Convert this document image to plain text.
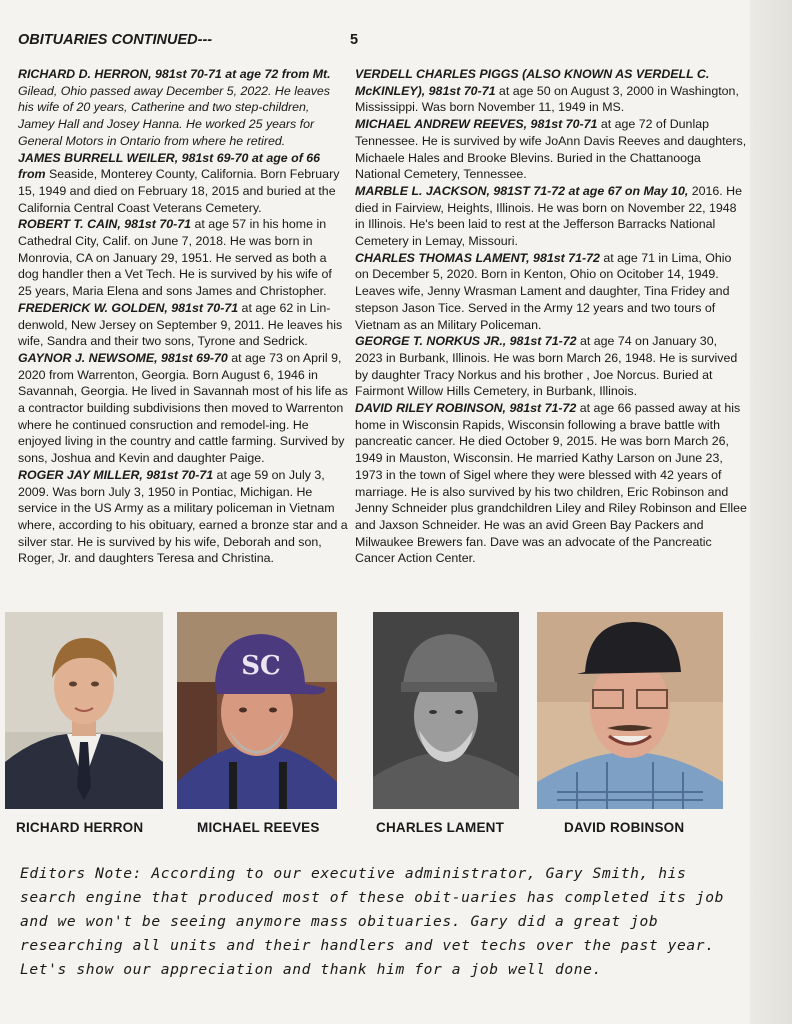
OBITUARIES CONTINUED---	5

RICHARD D. HERRON, 981st 70-71 at age 72 from Mt. Gilead, Ohio passed away December 5, 2022. He leaves his wife of 20 years, Catherine and two step-children, Jamey Hall and Josey Hanna. He worked 25 years for General Motors in Ontario from where he retired.

JAMES BURRELL WEILER, 981st 69-70 at age of 66 from Seaside, Monterey County, California. Born February 15, 1949 and died on February 18, 2015 and buried at the California Central Coast Veterans Cemetery.

ROBERT T. CAIN, 981st 70-71 at age 57 in his home in Cathedral City, Calif. on June 7, 2018. He was born in Monrovia, CA on January 29, 1951. He served as both a dog handler then a Vet Tech. He is survived by his wife of 25 years, Maria Elena and sons James and Christopher.

FREDERICK W. GOLDEN, 981st 70-71 at age 62 in Lin-denwold, New Jersey on September 9, 2011. He leaves his wife, Sandra and their two sons, Tyrone and Sedrick.

GAYNOR J. NEWSOME, 981st 69-70 at age 73 on April 9, 2020 from Warrenton, Georgia. Born August 6, 1946 in Savannah, Georgia. He lived in Savannah most of his life as a contractor building subdivisions then moved to Warrenton where he continued consruction and remodel-ing. He enjoyed living in the country and cattle farming. Survived by sons, Joshua and Kevin and daughter Paige.

ROGER JAY MILLER, 981st 70-71 at age 59 on July 3, 2009. Was born July 3, 1950 in Pontiac, Michigan. He service in the US Army as a military policeman in Vietnam where, according to his obituary, earned a bronze star and a silver star. He is survived by his wife, Deborah and son, Roger, Jr. and daughters Teresa and Christina.

VERDELL CHARLES PIGGS (ALSO KNOWN AS VERDELL C. McKINLEY), 981st 70-71 at age 50 on August 3, 2000 in Washington, Mississippi. Was born November 11, 1949 in MS.

MICHAEL ANDREW REEVES, 981st 70-71 at age 72 of Dunlap Tennessee. He is survived by wife JoAnn Davis Reeves and daughters, Michaele Hales and Brooke Blevins. Buried in the Chattanooga National Cemetery, Tennessee.

MARBLE L. JACKSON, 981ST 71-72 at age 67 on May 10, 2016. He died in Fairview, Heights, Illinois. He was born on November 22, 1948 in Illinois. He's been laid to rest at the Jefferson Barracks National Cemetery in Lemay, Missouri.

CHARLES THOMAS LAMENT, 981st 71-72 at age 71 in Lima, Ohio on December 5, 2020. Born in Kenton, Ohio on Ocitober 14, 1949. Leaves wife, Jenny Wrasman Lament and daughter, Tina Fridey and stepson Jason Tice. Served in the Army 12 years and two tours of Vietnam as an Military Policeman.

GEORGE T. NORKUS JR., 981st 71-72 at age 74 on January 30, 2023 in Burbank, Illinois. He was born March 26, 1948. He is survived by daughter Tracy Norkus and his brother , Joe Norcus. Buried at Fairmont Willow Hills Cemetery, in Burbank, Illinois.

DAVID RILEY ROBINSON, 981st 71-72 at age 66 passed away at his home in Wisconsin Rapids, Wisconsin following a brave battle with pancreatic cancer. He died October 9, 2015. He was born March 26, 1949 in Mauston, Wisconsin. He married Kathy Larson on June 23, 1973 in the town of Sigel where they were blessed with 42 years of marriage. He is also survived by his two children, Eric Robinson and Jenny Schneider plus grandchildren Liley and Riley Robinson and Ellee and Jaxson Schneider. He was an avid Green Bay Packers and Milwaukee Brewers fan. Dave was an advocate of the Pancreatic Cancer Action Center.

SC
RICHARD HERRON	MICHAEL REEVES	CHARLES LAMENT	DAVID ROBINSON
Editors Note: According to our executive administrator, Gary Smith, his search engine that produced most of these obit-uaries has completed its job and we won't be seeing anymore mass obituaries. Gary did a great job researching all units and their handlers and vet techs over the past year. Let's show our appreciation and thank him for a job well done.
